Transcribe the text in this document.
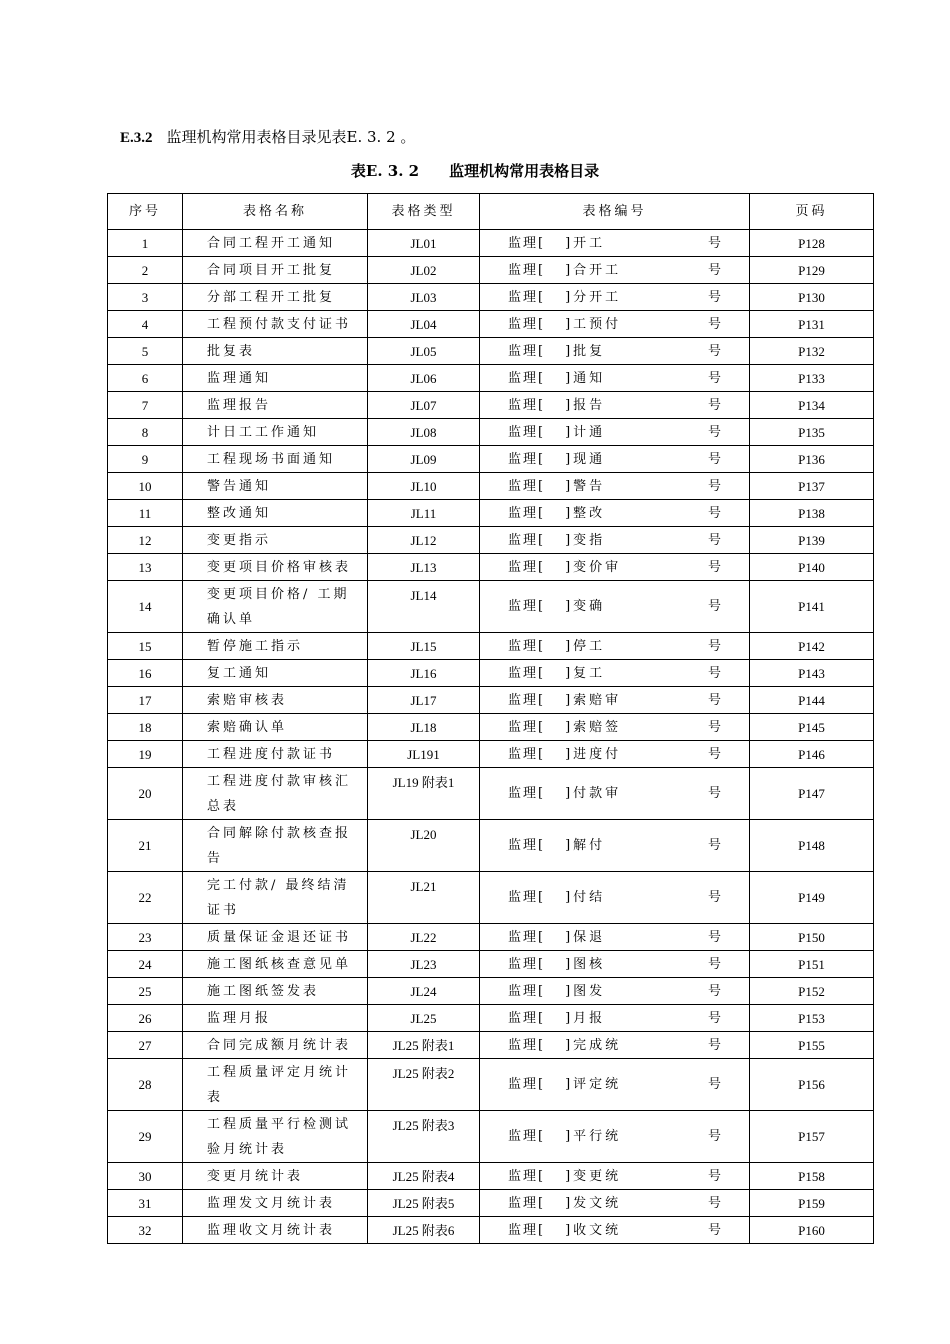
E.3.2 监理机构常用表格目录见表E. 3. 2 。
表E. 3. 2 监理机构常用表格目录
序号	表格名称	表格类型	表格编号	页码
1	合同工程开工通知	JL01	监理[ ]开工 号	P128
2	合同项目开工批复	JL02	监理[ ]合开工 号	P129
3	分部工程开工批复	JL03	监理[ ]分开工 号	P130
4	工程预付款支付证书	JL04	监理[ ]工预付 号	P131
5	批复表	JL05	监理[ ]批复 号	P132
6	监理通知	JL06	监理[ ]通知 号	P133
7	监理报告	JL07	监理[ ]报告 号	P134
8	计日工工作通知	JL08	监理[ ]计通 号	P135
9	工程现场书面通知	JL09	监理[ ]现通 号	P136
10	警告通知	JL10	监理[ ]警告 号	P137
11	整改通知	JL11	监理[ ]整改 号	P138
12	变更指示	JL12	监理[ ]变指 号	P139
13	变更项目价格审核表	JL13	监理[ ]变价审 号	P140
14	变更项目价格/ 工期确认单	JL14	监理[ ]变确 号	P141
15	暂停施工指示	JL15	监理[ ]停工 号	P142
16	复工通知	JL16	监理[ ]复工 号	P143
17	索赔审核表	JL17	监理[ ]索赔审 号	P144
18	索赔确认单	JL18	监理[ ]索赔签 号	P145
19	工程进度付款证书	JL191	监理[ ]进度付 号	P146
20	工程进度付款审核汇总表	JL19 附表1	监理[ ]付款审 号	P147
21	合同解除付款核查报告	JL20	监理[ ]解付 号	P148
22	完工付款/ 最终结清证书	JL21	监理[ ]付结 号	P149
23	质量保证金退还证书	JL22	监理[ ]保退 号	P150
24	施工图纸核查意见单	JL23	监理[ ]图核 号	P151
25	施工图纸签发表	JL24	监理[ ]图发 号	P152
26	监理月报	JL25	监理[ ]月报 号	P153
27	合同完成额月统计表	JL25 附表1	监理[ ]完成统 号	P155
28	工程质量评定月统计表	JL25 附表2	监理[ ]评定统 号	P156
29	工程质量平行检测试验月统计表	JL25 附表3	监理[ ]平行统 号	P157
30	变更月统计表	JL25 附表4	监理[ ]变更统 号	P158
31	监理发文月统计表	JL25 附表5	监理[ ]发文统 号	P159
32	监理收文月统计表	JL25 附表6	监理[ ]收文统 号	P160
